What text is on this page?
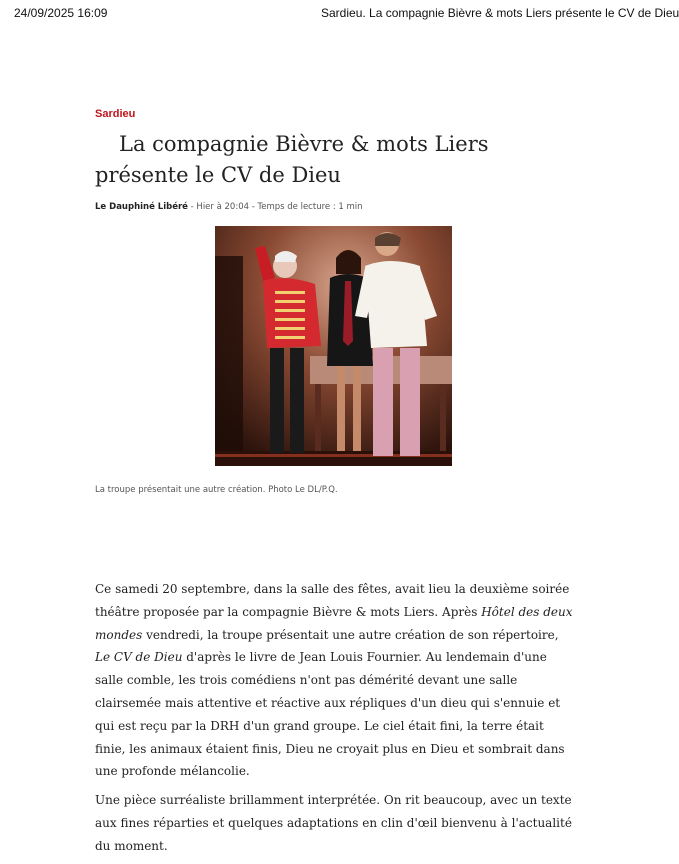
24/09/2025 16:09	Sardieu. La compagnie Bièvre & mots Liers présente le CV de Dieu
Sardieu
La compagnie Bièvre & mots Liers présente le CV de Dieu
Le Dauphiné Libéré - Hier à 20:04 - Temps de lecture : 1 min
La troupe présentait une autre création. Photo Le DL/P.Q.

Ce samedi 20 septembre, dans la salle des fêtes, avait lieu la deuxième soirée théâtre proposée par la compagnie Bièvre & mots Liers. Après Hôtel des deux mondes vendredi, la troupe présentait une autre création de son répertoire, Le CV de Dieu d'après le livre de Jean Louis Fournier. Au lendemain d'une salle comble, les trois comédiens n'ont pas démérité devant une salle clairsemée mais attentive et réactive aux répliques d'un dieu qui s'ennuie et qui est reçu par la DRH d'un grand groupe. Le ciel était fini, la terre était finie, les animaux étaient finis, Dieu ne croyait plus en Dieu et sombrait dans une profonde mélancolie.

Une pièce surréaliste brillamment interprétée. On rit beaucoup, avec un texte aux fines réparties et quelques adaptations en clin d'œil bienvenu à l'actualité du moment.
